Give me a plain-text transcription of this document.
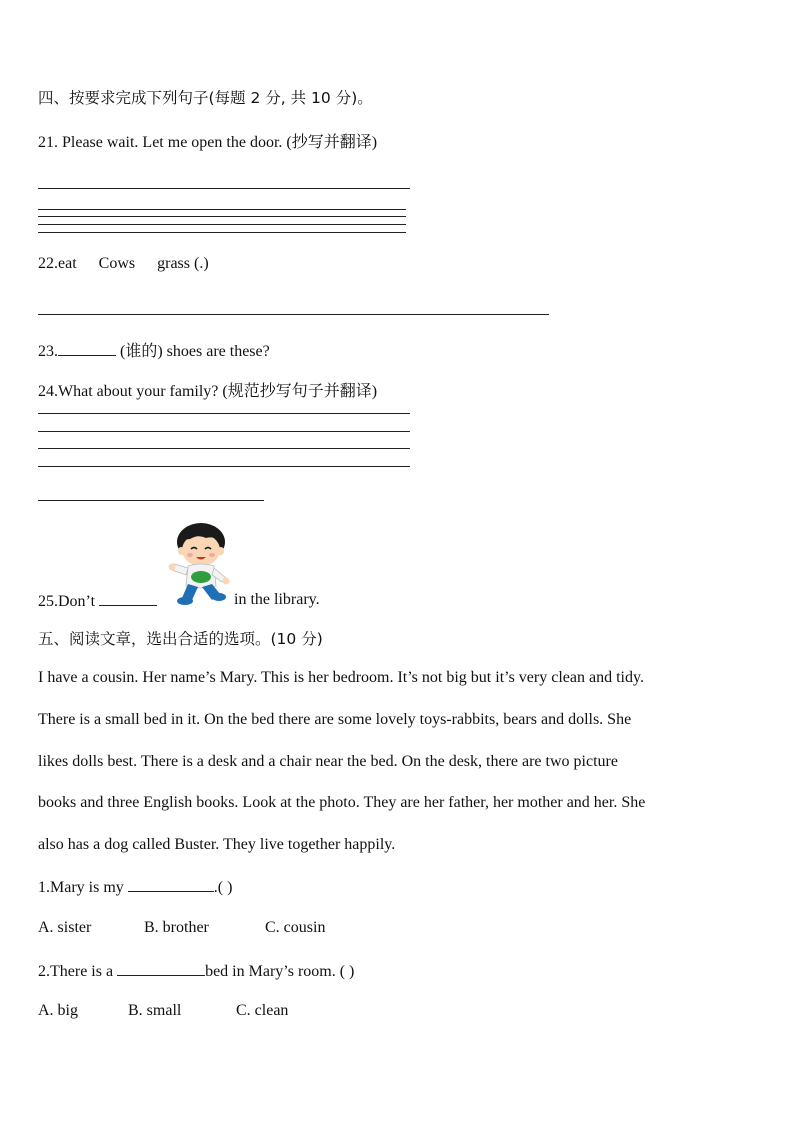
四、按要求完成下列句子(每题 2 分, 共 10 分)。
21. Please wait. Let me open the door. (抄写并翻译)
22.eat Cows grass (.)
23.	(谁的) shoes are these?
24.What about your family? (规范抄写句子并翻译)
25.Don’t	in the library.
五、阅读文章，选出合适的选项。(10 分)
I have a cousin. Her name’s Mary. This is her bedroom. It’s not big but it’s very clean and tidy.
There is a small bed in it. On the bed there are some lovely toys-rabbits, bears and dolls. She
likes dolls best. There is a desk and a chair near the bed. On the desk, there are two picture
books and three English books. Look at the photo. They are her father, her mother and her. She
also has a dog called Buster. They live together happily.
1.Mary is my	.( )
A. sister	B. brother	C. cousin
2.There is a	bed in Mary’s room. ( )
A. big	B. small	C. clean
